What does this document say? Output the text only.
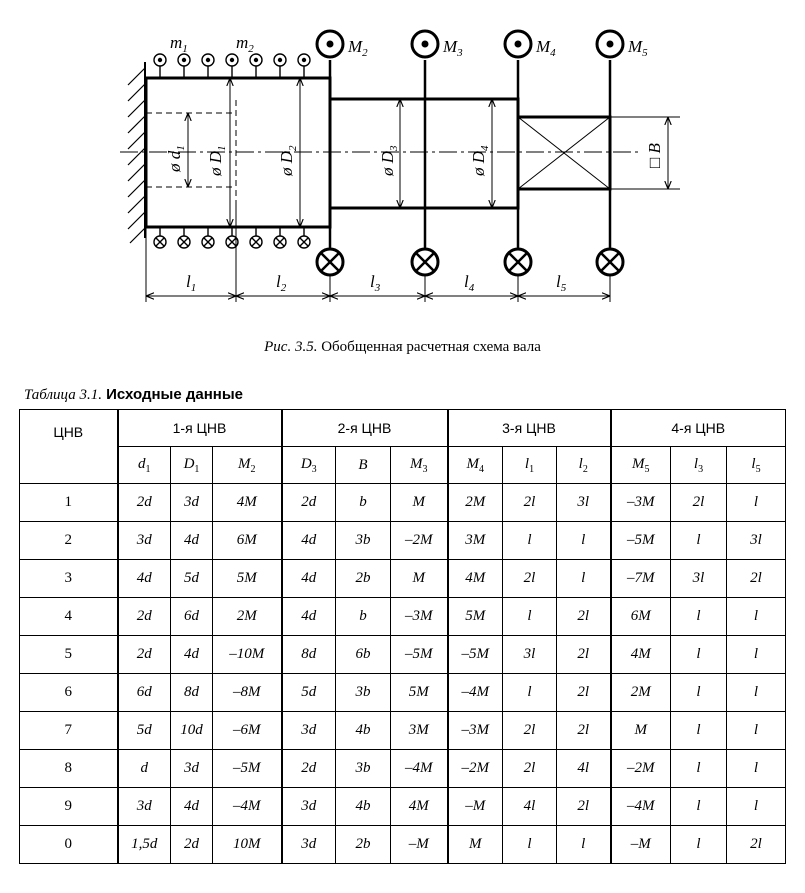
$m_1$	$m_2$	$M_2$	$M_3$	$M_4$	$M_5$
ø $d_1$
ø $D_1$
ø $D_2$
ø $D_3$
ø $D_4$	□ B
$l_1$	$l_2$	$l_3$	$l_4$	$l_5$
Рис. 3.5. Обобщенная расчетная схема вала
Таблица 3.1. Исходные данные
ЦНВ	1-я ЦНВ			2-я ЦНВ			3-я ЦНВ			4-я ЦНВ		
	$d_1$	$D_1$	$M_2$	$D_3$	B	$M_3$	$M_4$	$l_1$	$l_2$	$M_5$	$l_3$	$l_5$
1	2d	3d	4M	2d	b	M	2M	2l	3l	–3M	2l	l
2	3d	4d	6M	4d	3b	–2M	3M	l	l	–5M	l	3l
3	4d	5d	5M	4d	2b	M	4M	2l	l	–7M	3l	2l
4	2d	6d	2M	4d	b	–3M	5M	l	2l	6M	l	l
5	2d	4d	–10M	8d	6b	–5M	–5M	3l	2l	4M	l	l
6	6d	8d	–8M	5d	3b	5M	–4M	l	2l	2M	l	l
7	5d	10d	–6M	3d	4b	3M	–3M	2l	2l	M	l	l
8	d	3d	–5M	2d	3b	–4M	–2M	2l	4l	–2M	l	l
9	3d	4d	–4M	3d	4b	4M	–M	4l	2l	–4M	l	l
0	1,5d	2d	10M	3d	2b	–M	M	l	l	–M	l	2l
